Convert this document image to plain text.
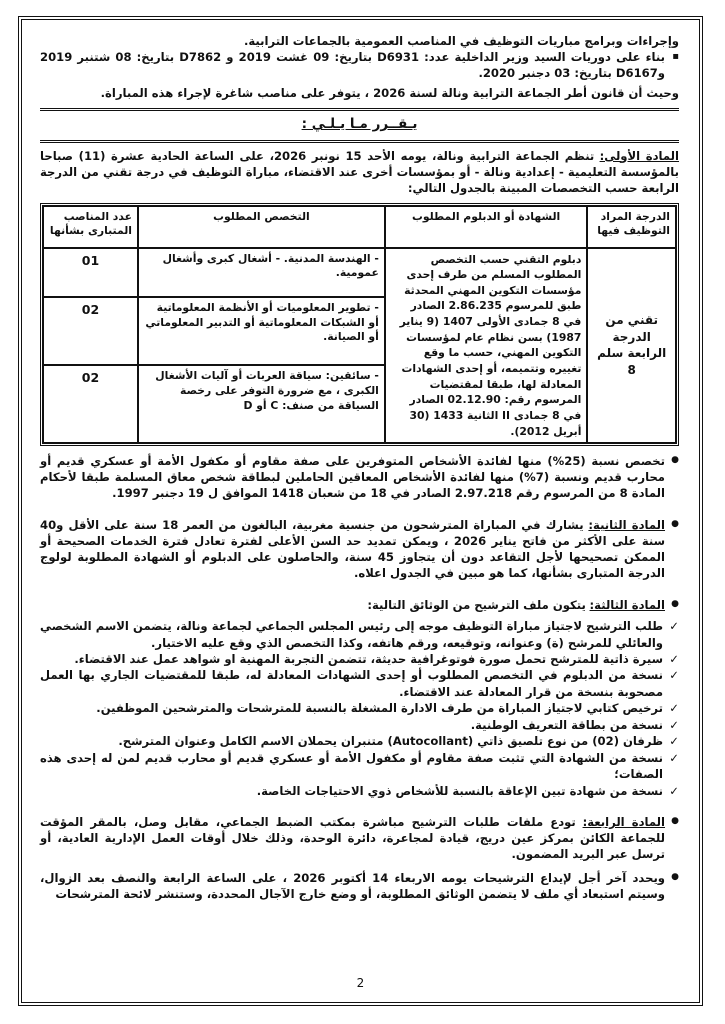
وإجراءات وبرامج مباريات التوظيف في المناصب العمومية بالجماعات الترابية.

▪ بناء على دوريات السيد وزير الداخلية عدد: D6931 بتاريخ: 09 غشت 2019 و D7862 بتاريخ: 08 شتنبر 2019 وD6167 بتاريخ: 03 دجنبر 2020.

وحيث أن قانون أطر الجماعة الترابية ونالة لسنة 2026 ، يتوفر على مناصب شاغرة لإجراء هذه المباراة.

يـقــرر مـا يـلـي :

المادة الأولى: تنظم الجماعة الترابية ونالة، يومه الأحد 15 نونبر 2026، على الساعة الحادية عشرة (11) صباحا بالمؤسسة التعليمية - إعدادية ونالة - أو بمؤسسات أخرى عند الاقتضاء، مباراة التوظيف في درجة تقني من الدرجة الرابعة حسب التخصصات المبينة بالجدول التالي:

الدرجة المراد التوظيف فيها	الشهادة أو الدبلوم المطلوب	التخصص المطلوب	عدد المناصب المتبارى بشأنها
تقني من الدرجة الرابعة سلم 8	دبلوم التقني حسب التخصص المطلوب المسلم من طرف إحدى مؤسسات التكوين المهني المحدثة طبق للمرسوم 2.86.235 الصادر في 8 جمادى الأولى 1407 (9 يناير 1987) بسن نظام عام لمؤسسات التكوين المهني، حسب ما وقع تغييره وتتميمه، أو إحدى الشهادات المعادلة لها، طبقا لمقتضيات المرسوم رقم: 02.12.90 الصادر في 8 جمادى II الثانية 1433 (30 أبريل 2012).	- الهندسة المدنية. - أشغال كبرى وأشغال عمومية.	01
		- تطوير المعلوميات أو الأنظمة المعلوماتية أو الشبكات المعلوماتية أو التدبير المعلوماتي أو الصيانة.	02
		- سائقين: سياقة العربات أو آليات الأشغال الكبرى ، مع ضرورة التوفر على رخصة السياقة من صنف: C أو D	02

● تخصص نسبة (25%) منها لفائدة الأشخاص المتوفرين على صفة مقاوم أو مكفول الأمة أو عسكري قديم أو محارب قديم ونسبة (7%) منها لفائدة الأشخاص المعاقين الحاملين لبطاقة شخص معاق المسلمة طبقا لأحكام المادة 8 من المرسوم رقم 2.97.218 الصادر في 18 من شعبان 1418 الموافق ل 19 دجنبر 1997.

● المادة الثانية: يشارك في المباراة المترشحون من جنسية مغربية، البالغون من العمر 18 سنة على الأقل و40 سنة على الأكثر من فاتح يناير 2026 ، ويمكن تمديد حد السن الأعلى لفترة تعادل فترة الخدمات الصحيحة أو الممكن تصحيحها لأجل التقاعد دون أن يتجاوز 45 سنة، والحاصلون على الدبلوم أو الشهادة المطلوبة لولوج الدرجة المتبارى بشأنها، كما هو مبين في الجدول اعلاه.

● المادة الثالثة: يتكون ملف الترشيح من الوثائق التالية:

✓ طلب الترشيح لاجتياز مباراة التوظيف موجه إلى رئيس المجلس الجماعي لجماعة ونالة، يتضمن الاسم الشخصي والعائلي للمرشح (ة) وعنوانه، وتوقيعه، ورقم هاتفه، وكذا التخصص الذي وقع عليه الاختيار.
✓ سيرة ذاتية للمترشح تحمل صورة فوتوغرافية حديثة، تتضمن التجربة المهنية او شواهد عمل عند الاقتضاء.
✓ نسخة من الدبلوم في التخصص المطلوب أو إحدى الشهادات المعادلة له، طبقا للمقتضيات الجاري بها العمل مصحوبة بنسخة من قرار المعادلة عند الاقتضاء.
✓ ترخيص كتابي لاجتياز المباراة من طرف الادارة المشغلة بالنسبة للمترشحات والمترشحين الموظفين.
✓ نسخة من بطاقة التعريف الوطنية.
✓ ظرفان (02) من نوع تلصيق ذاتي (Autocollant) متنبران يحملان الاسم الكامل وعنوان المترشح.
✓ نسخة من الشهادة التي تثبت صفة مقاوم أو مكفول الأمة أو عسكري قديم أو محارب قديم لمن له إحدى هذه الصفات؛
✓ نسخة من شهادة تبين الإعاقة بالنسبة للأشخاص ذوي الاحتياجات الخاصة.

● المادة الرابعة: تودع ملفات طلبات الترشيح مباشرة بمكتب الضبط الجماعي، مقابل وصل، بالمقر المؤقت للجماعة الكائن بمركز عين دريج، قيادة لمجاعرة، دائرة الوحدة، وذلك خلال أوقات العمل الإدارية العادية، أو ترسل عبر البريد المضمون.

● ويحدد آخر أجل لإيداع الترشيحات يومه الاربعاء 14 أكتوبر 2026 ، على الساعة الرابعة والنصف بعد الزوال، وسيتم استبعاد أي ملف لا يتضمن الوثائق المطلوبة، أو وضع خارج الآجال المحددة، وستنشر لائحة المترشحات

2
